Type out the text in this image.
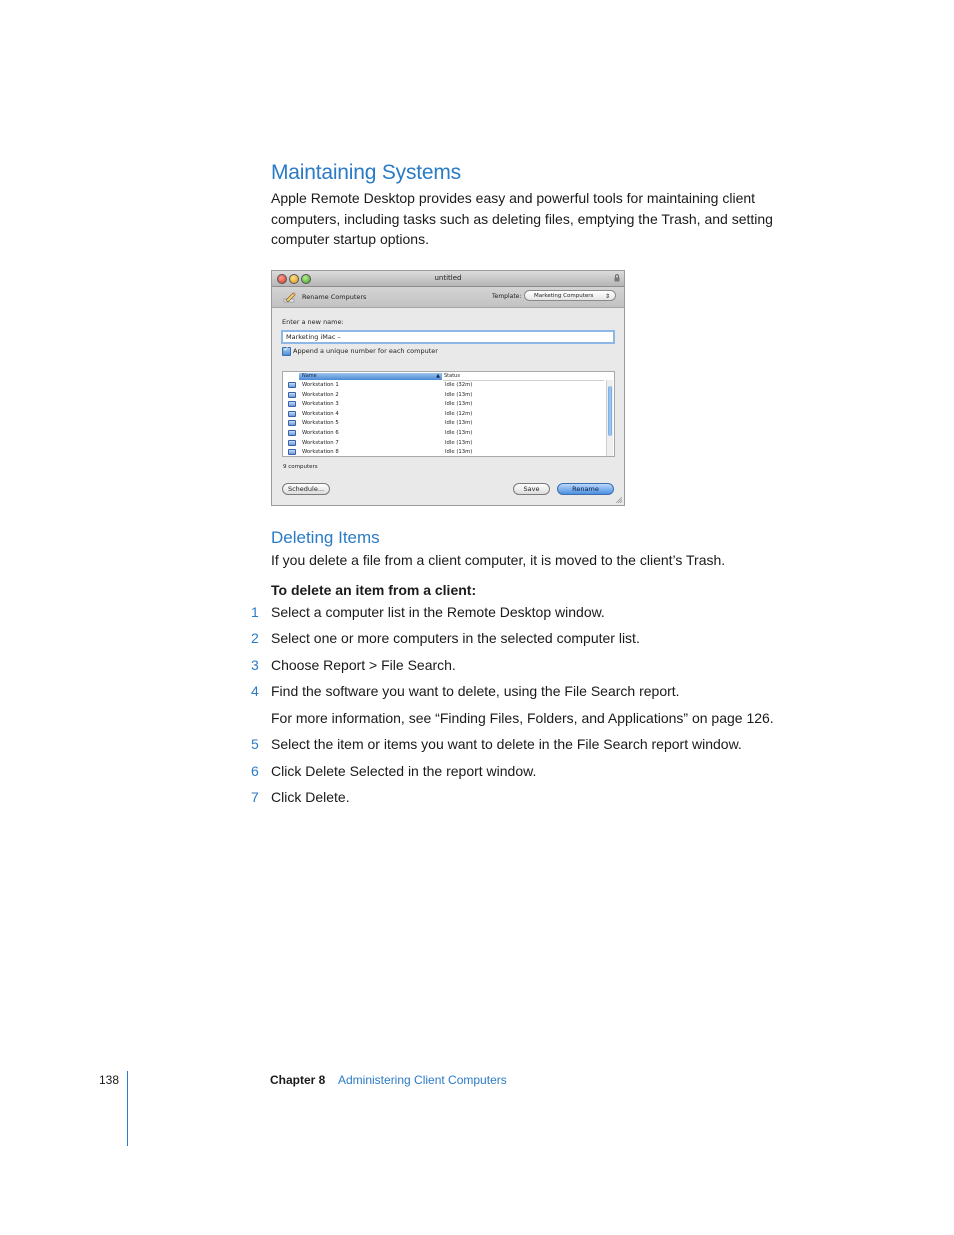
Maintaining Systems
Apple Remote Desktop provides easy and powerful tools for maintaining client computers, including tasks such as deleting files, emptying the Trash, and setting computer startup options.
untitled
Rename Computers	Template:	Marketing Computers ⇕
Enter a new name:
Marketing iMac –
✓ Append a unique number for each computer
Name	▲ Status
Workstation 1	Idle (32m)
Workstation 2	Idle (13m)
Workstation 3	Idle (13m)
Workstation 4	Idle (12m)
Workstation 5	Idle (13m)
Workstation 6	Idle (13m)
Workstation 7	Idle (13m)
Workstation 8	Idle (13m)
9 computers
Schedule...	Save	Rename
Deleting Items
If you delete a file from a client computer, it is moved to the client’s Trash.
To delete an item from a client:
1 Select a computer list in the Remote Desktop window.
2 Select one or more computers in the selected computer list.
3 Choose Report > File Search.
4 Find the software you want to delete, using the File Search report.
For more information, see “Finding Files, Folders, and Applications” on page 126.
5 Select the item or items you want to delete in the File Search report window.
6 Click Delete Selected in the report window.
7 Click Delete.
138	Chapter 8 Administering Client Computers
